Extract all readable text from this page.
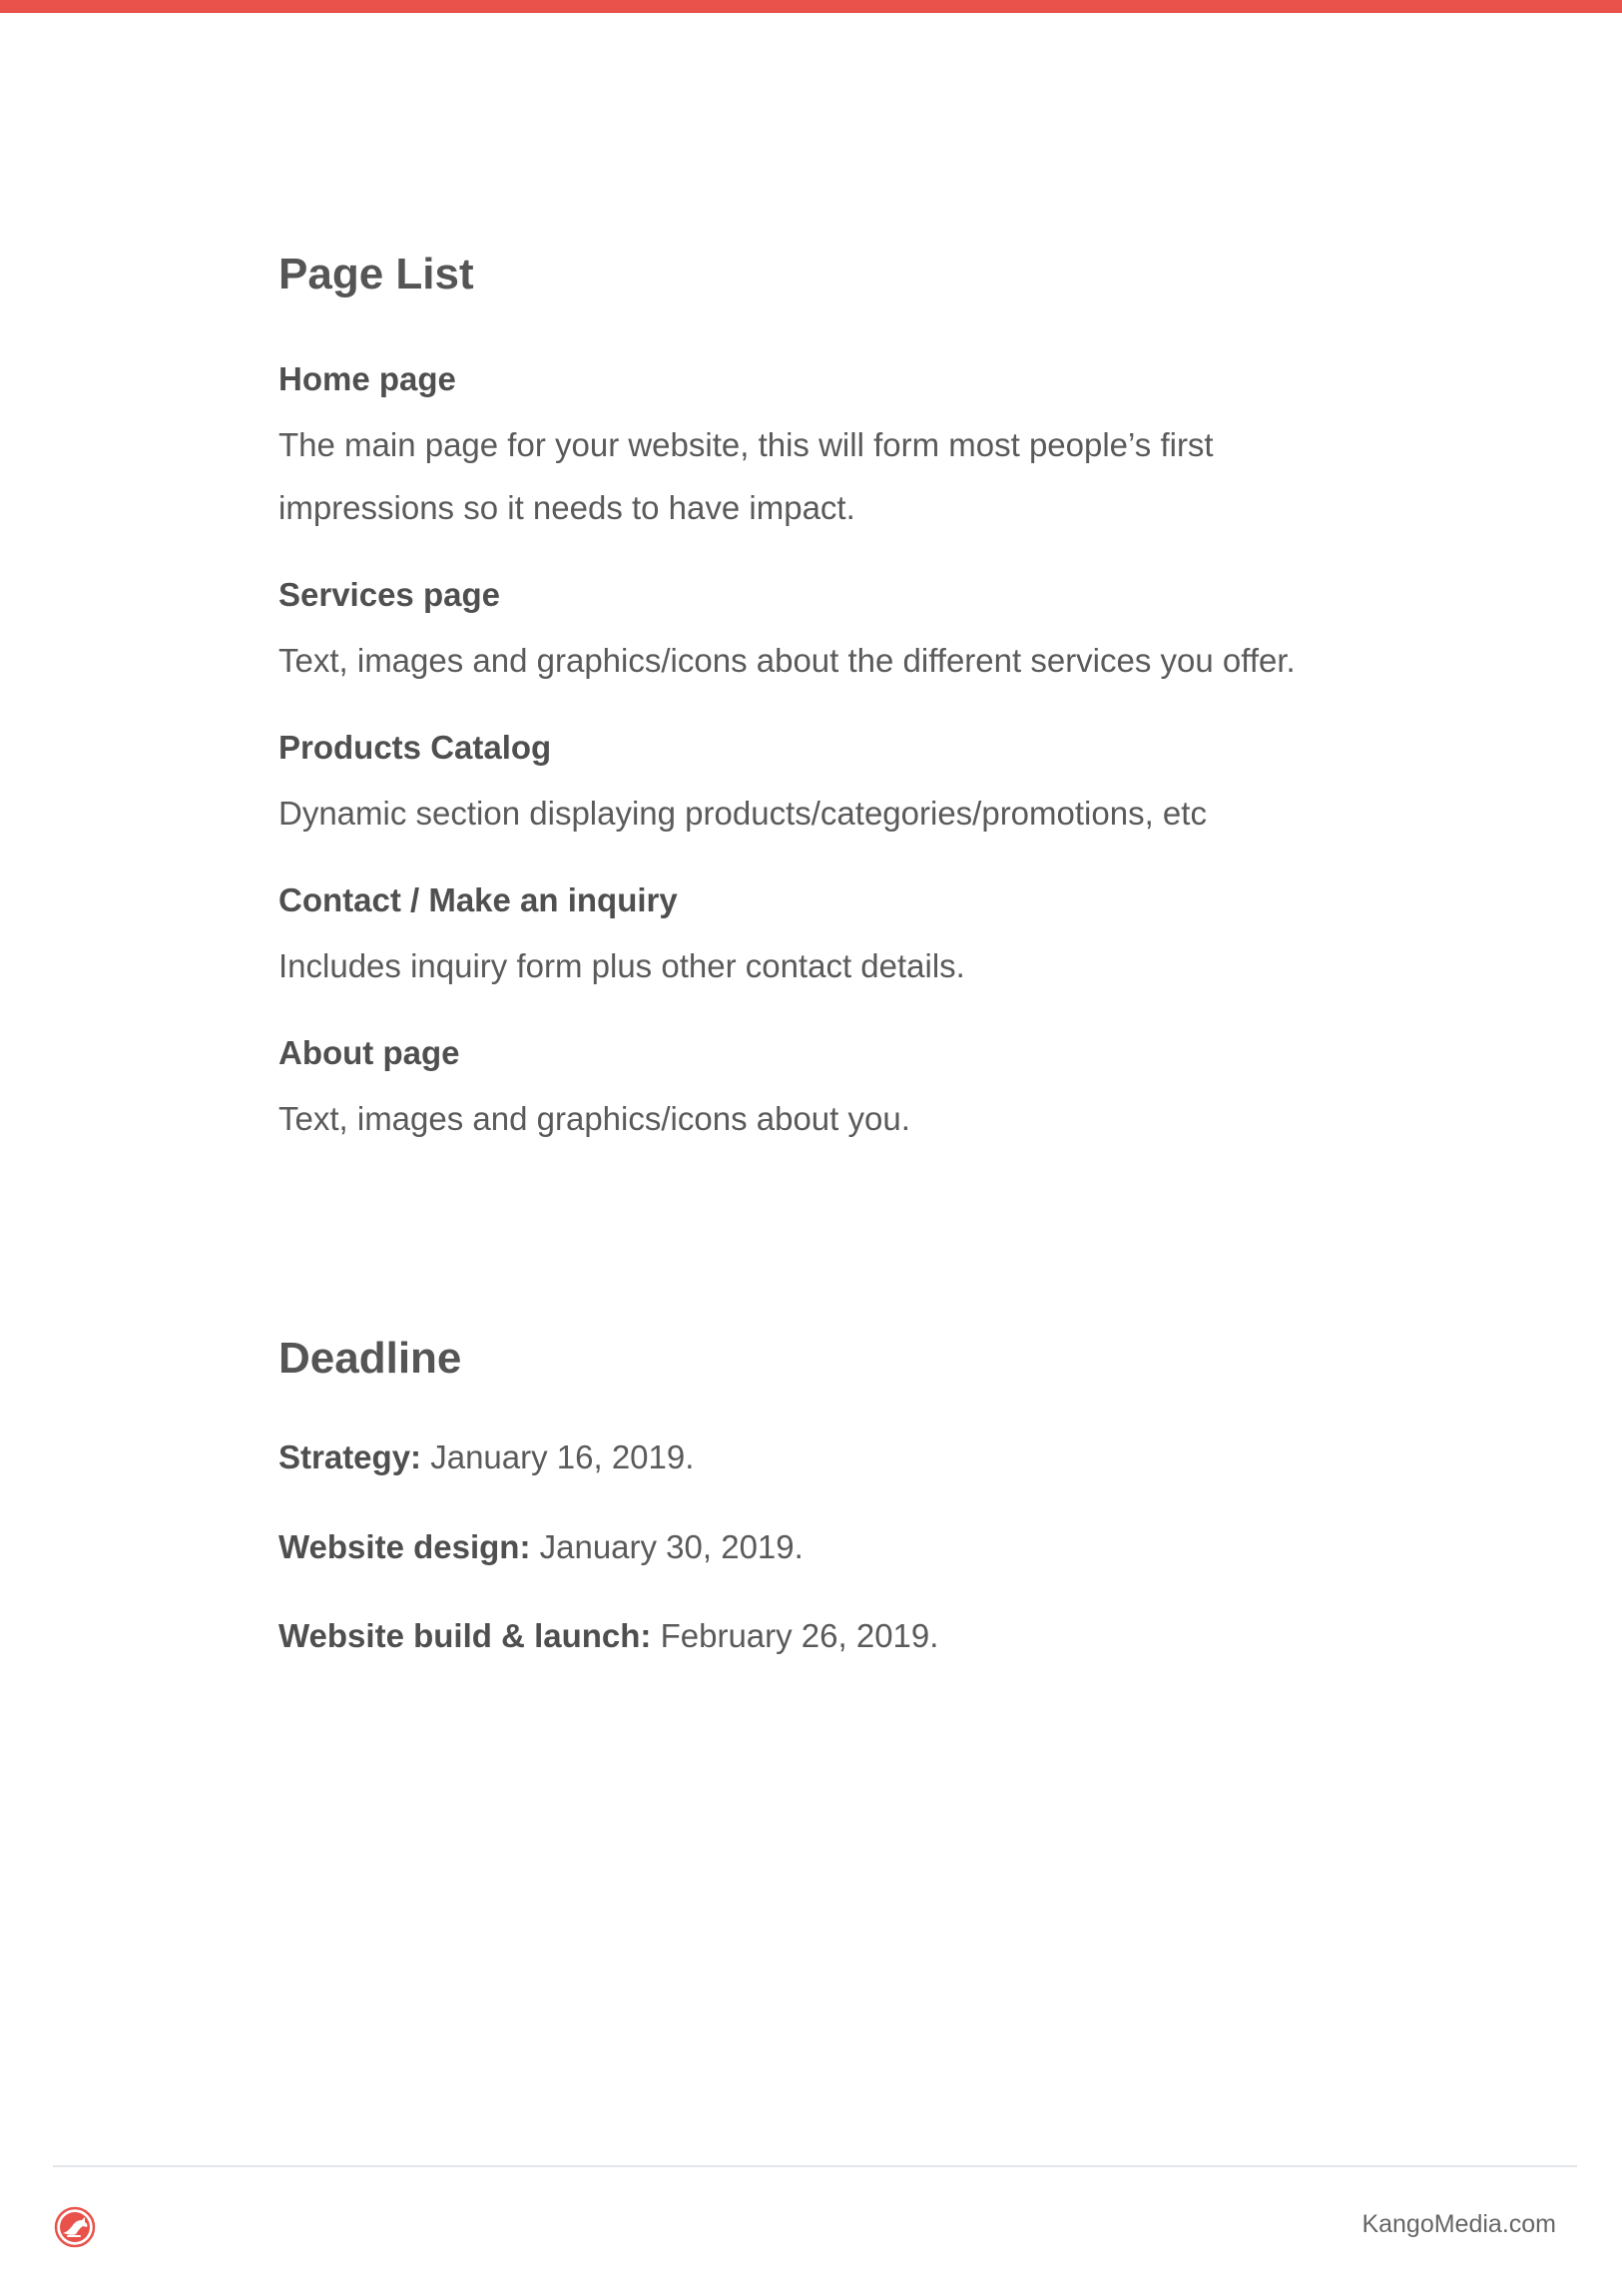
Page List
Home page

The main page for your website, this will form most people’s first impressions so it needs to have impact.

Services page

Text, images and graphics/icons about the different services you offer.

Products Catalog

Dynamic section displaying products/categories/promotions, etc

Contact / Make an inquiry

Includes inquiry form plus other contact details.

About page

Text, images and graphics/icons about you.

Deadline

Strategy: January 16, 2019.

Website design: January 30, 2019.

Website build & launch: February 26, 2019.

KangoMedia.com
